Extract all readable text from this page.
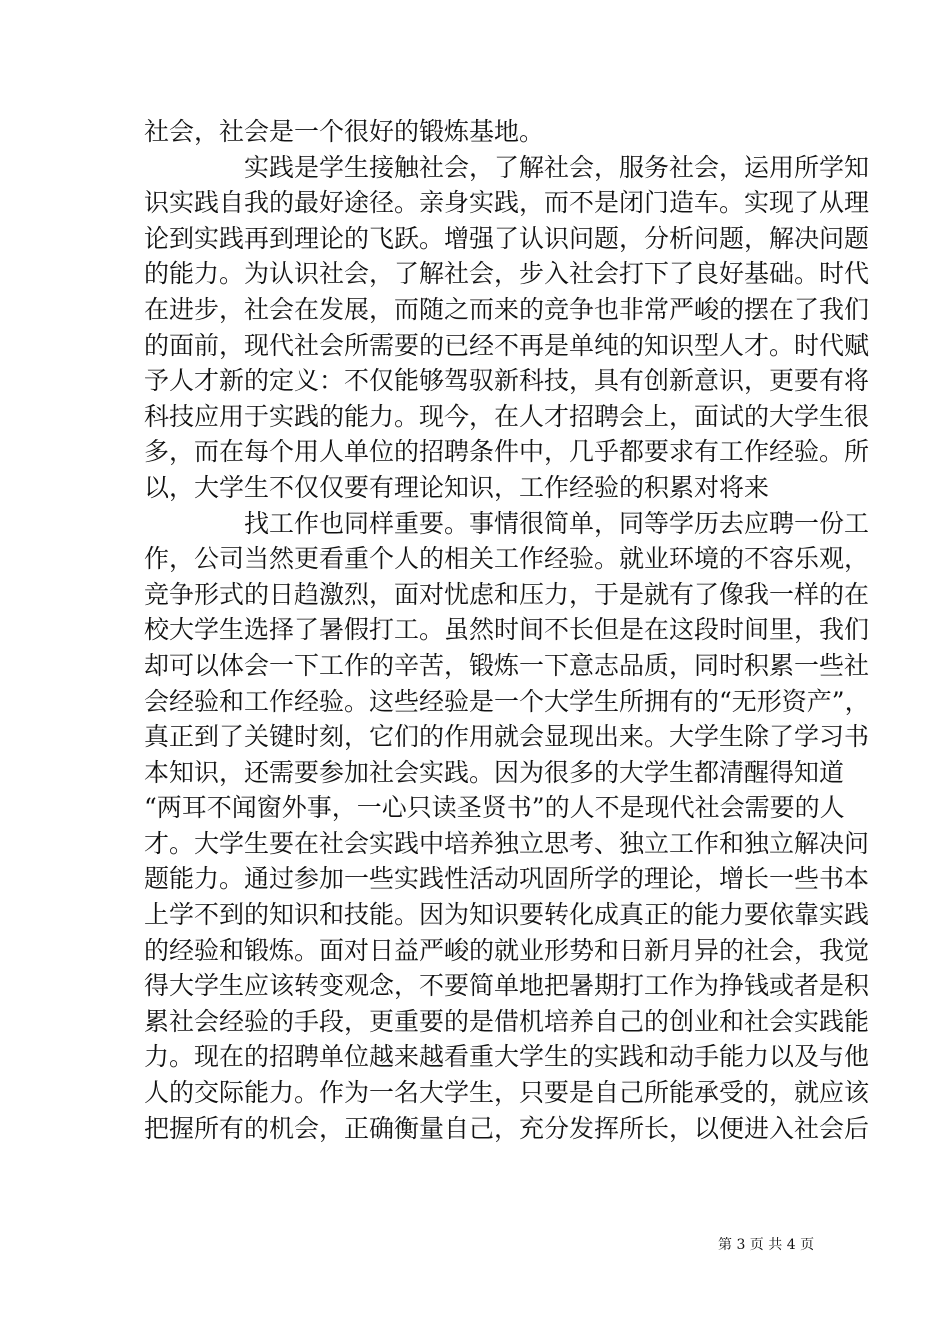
社会，社会是一个很好的锻炼基地。
实践是学生接触社会，了解社会，服务社会，运用所学知
识实践自我的最好途径。亲身实践，而不是闭门造车。实现了从理
论到实践再到理论的飞跃。增强了认识问题，分析问题，解决问题
的能力。为认识社会，了解社会，步入社会打下了良好基础。时代
在进步，社会在发展，而随之而来的竞争也非常严峻的摆在了我们
的面前，现代社会所需要的已经不再是单纯的知识型人才。时代赋
予人才新的定义：不仅能够驾驭新科技，具有创新意识，更要有将
科技应用于实践的能力。现今，在人才招聘会上，面试的大学生很
多，而在每个用人单位的招聘条件中，几乎都要求有工作经验。所
以，大学生不仅仅要有理论知识，工作经验的积累对将来
找工作也同样重要。事情很简单，同等学历去应聘一份工
作，公司当然更看重个人的相关工作经验。就业环境的不容乐观，
竞争形式的日趋激烈，面对忧虑和压力，于是就有了像我一样的在
校大学生选择了暑假打工。虽然时间不长但是在这段时间里，我们
却可以体会一下工作的辛苦，锻炼一下意志品质，同时积累一些社
会经验和工作经验。这些经验是一个大学生所拥有的“无形资产”，
真正到了关键时刻，它们的作用就会显现出来。大学生除了学习书
本知识，还需要参加社会实践。因为很多的大学生都清醒得知道
“两耳不闻窗外事，一心只读圣贤书”的人不是现代社会需要的人
才。大学生要在社会实践中培养独立思考、独立工作和独立解决问
题能力。通过参加一些实践性活动巩固所学的理论，增长一些书本
上学不到的知识和技能。因为知识要转化成真正的能力要依靠实践
的经验和锻炼。面对日益严峻的就业形势和日新月异的社会，我觉
得大学生应该转变观念，不要简单地把暑期打工作为挣钱或者是积
累社会经验的手段，更重要的是借机培养自己的创业和社会实践能
力。现在的招聘单位越来越看重大学生的实践和动手能力以及与他
人的交际能力。作为一名大学生，只要是自己所能承受的，就应该
把握所有的机会，正确衡量自己，充分发挥所长，以便进入社会后
第 3 页 共 4 页
